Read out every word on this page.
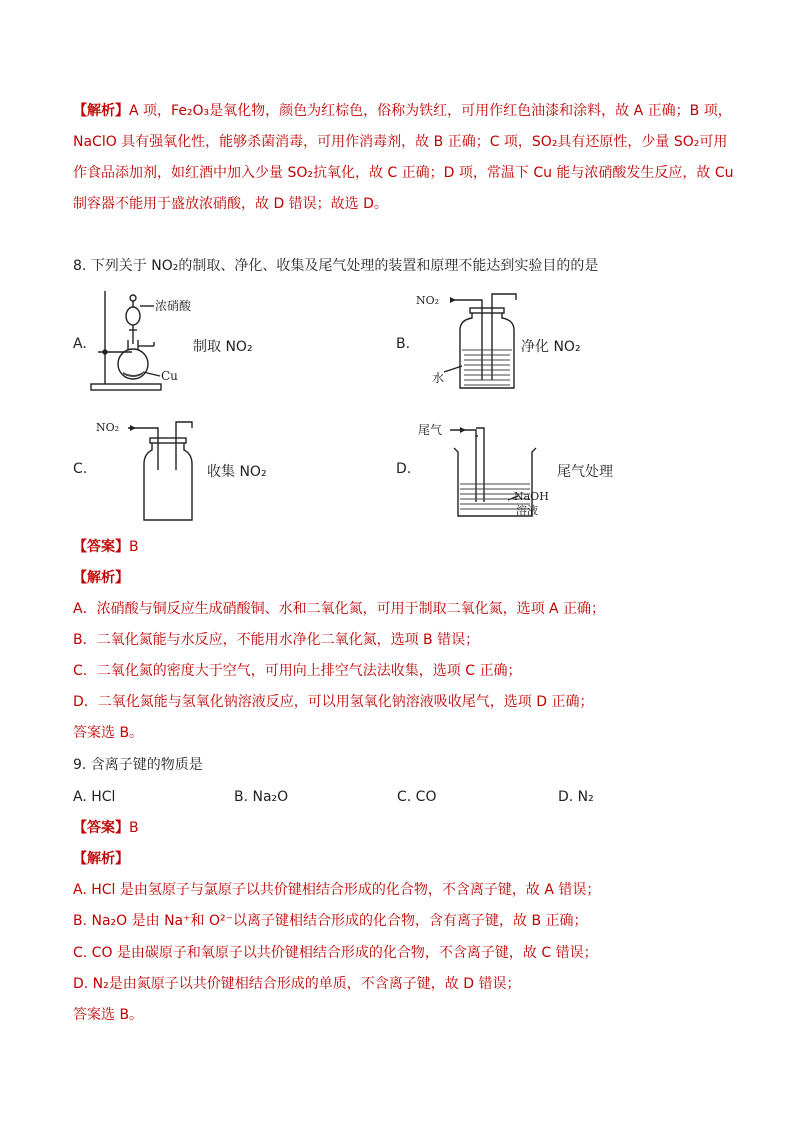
【解析】A 项，Fe₂O₃是氧化物，颜色为红棕色，俗称为铁红，可用作红色油漆和涂料，故 A 正确；B 项，
NaClO 具有强氧化性，能够杀菌消毒，可用作消毒剂，故 B 正确；C 项，SO₂具有还原性，少量 SO₂可用
作食品添加剂，如红酒中加入少量 SO₂抗氧化，故 C 正确；D 项，常温下 Cu 能与浓硝酸发生反应，故 Cu
制容器不能用于盛放浓硝酸，故 D 错误；故选 D。
8. 下列关于 NO₂的制取、净化、收集及尾气处理的装置和原理不能达到实验目的的是
A.
浓硝酸
Cu
制取 NO₂	B.
NO₂
水
净化 NO₂
C.
NO₂
收集 NO₂	D.
尾气
NaOH
溶液
尾气处理
【答案】B
【解析】
A．浓硝酸与铜反应生成硝酸铜、水和二氧化氮，可用于制取二氧化氮，选项 A 正确；
B．二氧化氮能与水反应，不能用水净化二氧化氮，选项 B 错误；
C．二氧化氮的密度大于空气，可用向上排空气法法收集，选项 C 正确；
D．二氧化氮能与氢氧化钠溶液反应，可以用氢氧化钠溶液吸收尾气，选项 D 正确；
答案选 B。
9. 含离子键的物质是
A. HCl	B. Na₂O	C. CO	D. N₂
【答案】B
【解析】
A. HCl 是由氢原子与氯原子以共价键相结合形成的化合物，不含离子键，故 A 错误；
B. Na₂O 是由 Na⁺和 O²⁻以离子键相结合形成的化合物，含有离子键，故 B 正确；
C. CO 是由碳原子和氧原子以共价键相结合形成的化合物，不含离子键，故 C 错误；
D. N₂是由氮原子以共价键相结合形成的单质，不含离子键，故 D 错误；
答案选 B。
